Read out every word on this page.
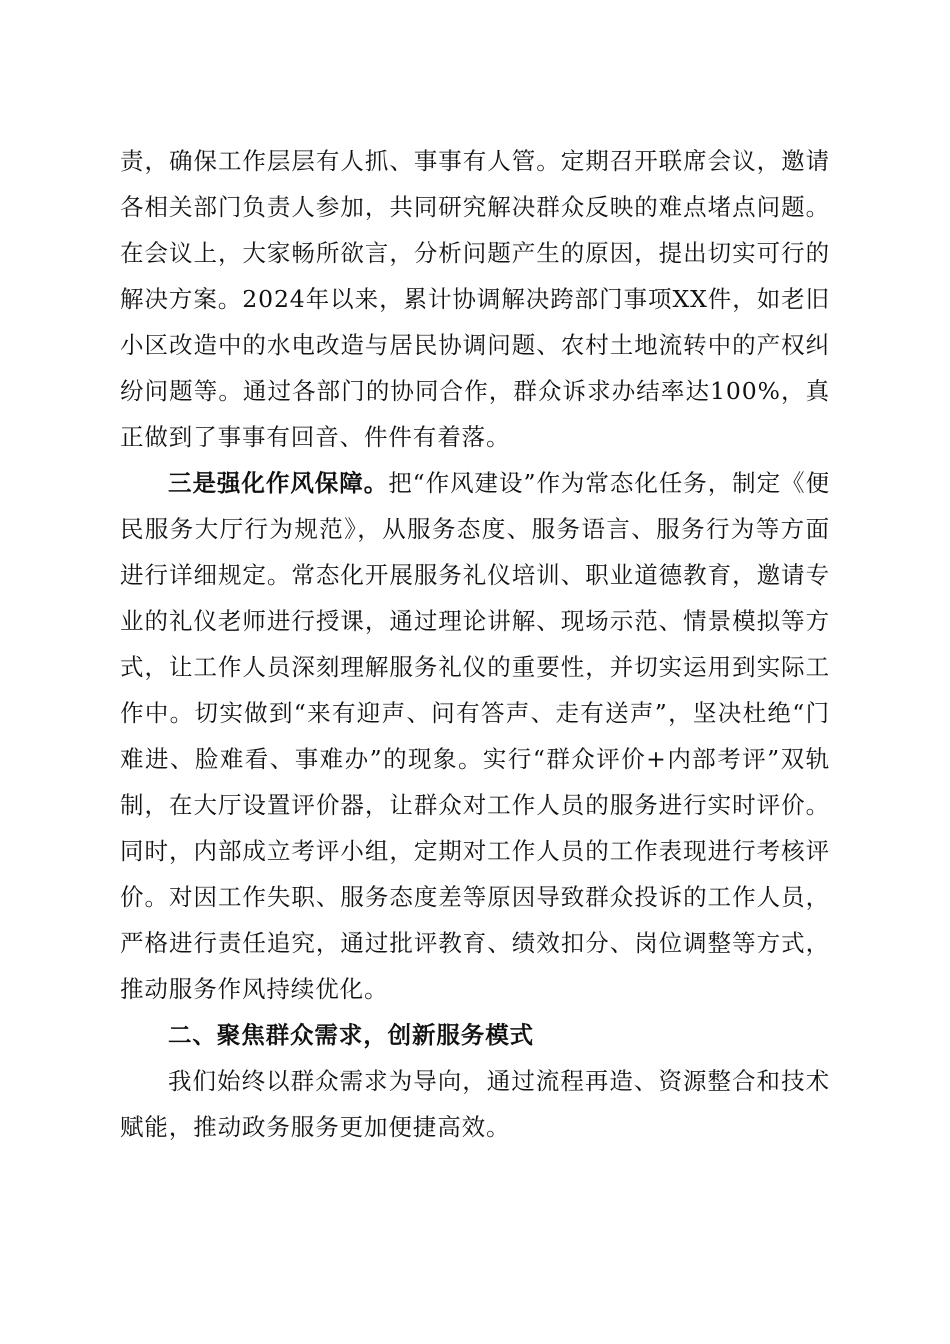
责，确保工作层层有人抓、事事有人管。定期召开联席会议，邀请各相关部门负责人参加，共同研究解决群众反映的难点堵点问题。在会议上，大家畅所欲言，分析问题产生的原因，提出切实可行的解决方案。2024年以来，累计协调解决跨部门事项XX件，如老旧小区改造中的水电改造与居民协调问题、农村土地流转中的产权纠纷问题等。通过各部门的协同合作，群众诉求办结率达100%，真正做到了事事有回音、件件有着落。

三是强化作风保障。把“作风建设”作为常态化任务，制定《便民服务大厅行为规范》，从服务态度、服务语言、服务行为等方面进行详细规定。常态化开展服务礼仪培训、职业道德教育，邀请专业的礼仪老师进行授课，通过理论讲解、现场示范、情景模拟等方式，让工作人员深刻理解服务礼仪的重要性，并切实运用到实际工作中。切实做到“来有迎声、问有答声、走有送声”，坚决杜绝“门难进、脸难看、事难办”的现象。实行“群众评价+内部考评”双轨制，在大厅设置评价器，让群众对工作人员的服务进行实时评价。同时，内部成立考评小组，定期对工作人员的工作表现进行考核评价。对因工作失职、服务态度差等原因导致群众投诉的工作人员，严格进行责任追究，通过批评教育、绩效扣分、岗位调整等方式，推动服务作风持续优化。

二、聚焦群众需求，创新服务模式

我们始终以群众需求为导向，通过流程再造、资源整合和技术赋能，推动政务服务更加便捷高效。
